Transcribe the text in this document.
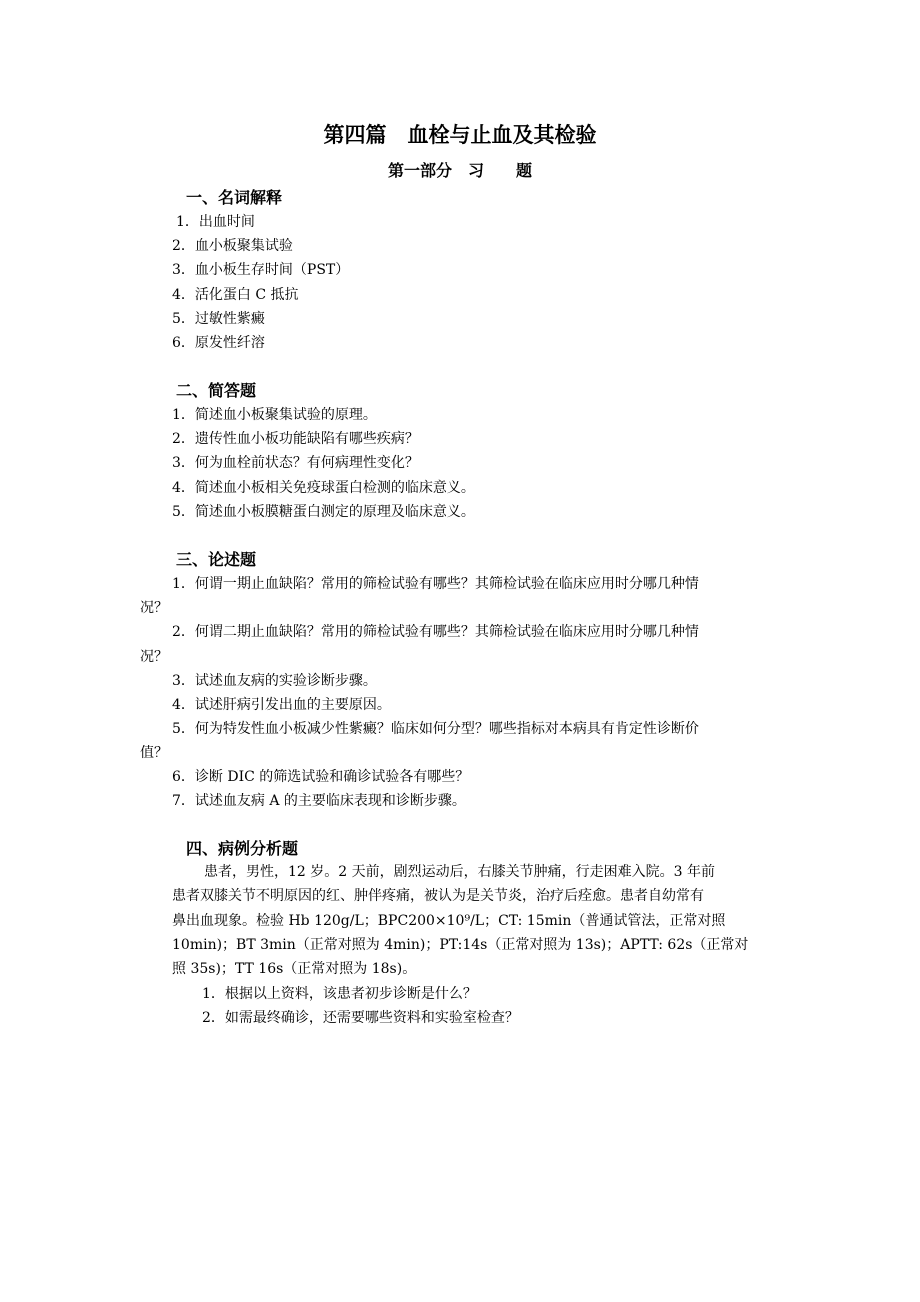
第四篇　血栓与止血及其检验
第一部分　习　　题
一、名词解释
1．出血时间
2．血小板聚集试验
3．血小板生存时间（PST）
4．活化蛋白 C 抵抗
5．过敏性紫癜
6．原发性纤溶
二、简答题
1．简述血小板聚集试验的原理。
2．遗传性血小板功能缺陷有哪些疾病？
3．何为血栓前状态？有何病理性变化？
4．简述血小板相关免疫球蛋白检测的临床意义。
5．简述血小板膜糖蛋白测定的原理及临床意义。
三、论述题
1．何谓一期止血缺陷？常用的筛检试验有哪些？其筛检试验在临床应用时分哪几种情
况？
2．何谓二期止血缺陷？常用的筛检试验有哪些？其筛检试验在临床应用时分哪几种情
况？
3．试述血友病的实验诊断步骤。
4．试述肝病引发出血的主要原因。
5．何为特发性血小板减少性紫癜？临床如何分型？哪些指标对本病具有肯定性诊断价
值？
6．诊断 DIC 的筛选试验和确诊试验各有哪些？
7．试述血友病 A 的主要临床表现和诊断步骤。
四、病例分析题
患者，男性，12 岁。2 天前，剧烈运动后，右膝关节肿痛，行走困难入院。3 年前
患者双膝关节不明原因的红、肿伴疼痛，被认为是关节炎，治疗后痊愈。患者自幼常有
鼻出血现象。检验 Hb 120g/L；BPC200×10⁹/L；CT: 15min（普通试管法，正常对照
10min)；BT 3min（正常对照为 4min)；PT:14s（正常对照为 13s)；APTT: 62s（正常对
照 35s)；TT 16s（正常对照为 18s)。
1．根据以上资料，该患者初步诊断是什么？
2．如需最终确诊，还需要哪些资料和实验室检查？
